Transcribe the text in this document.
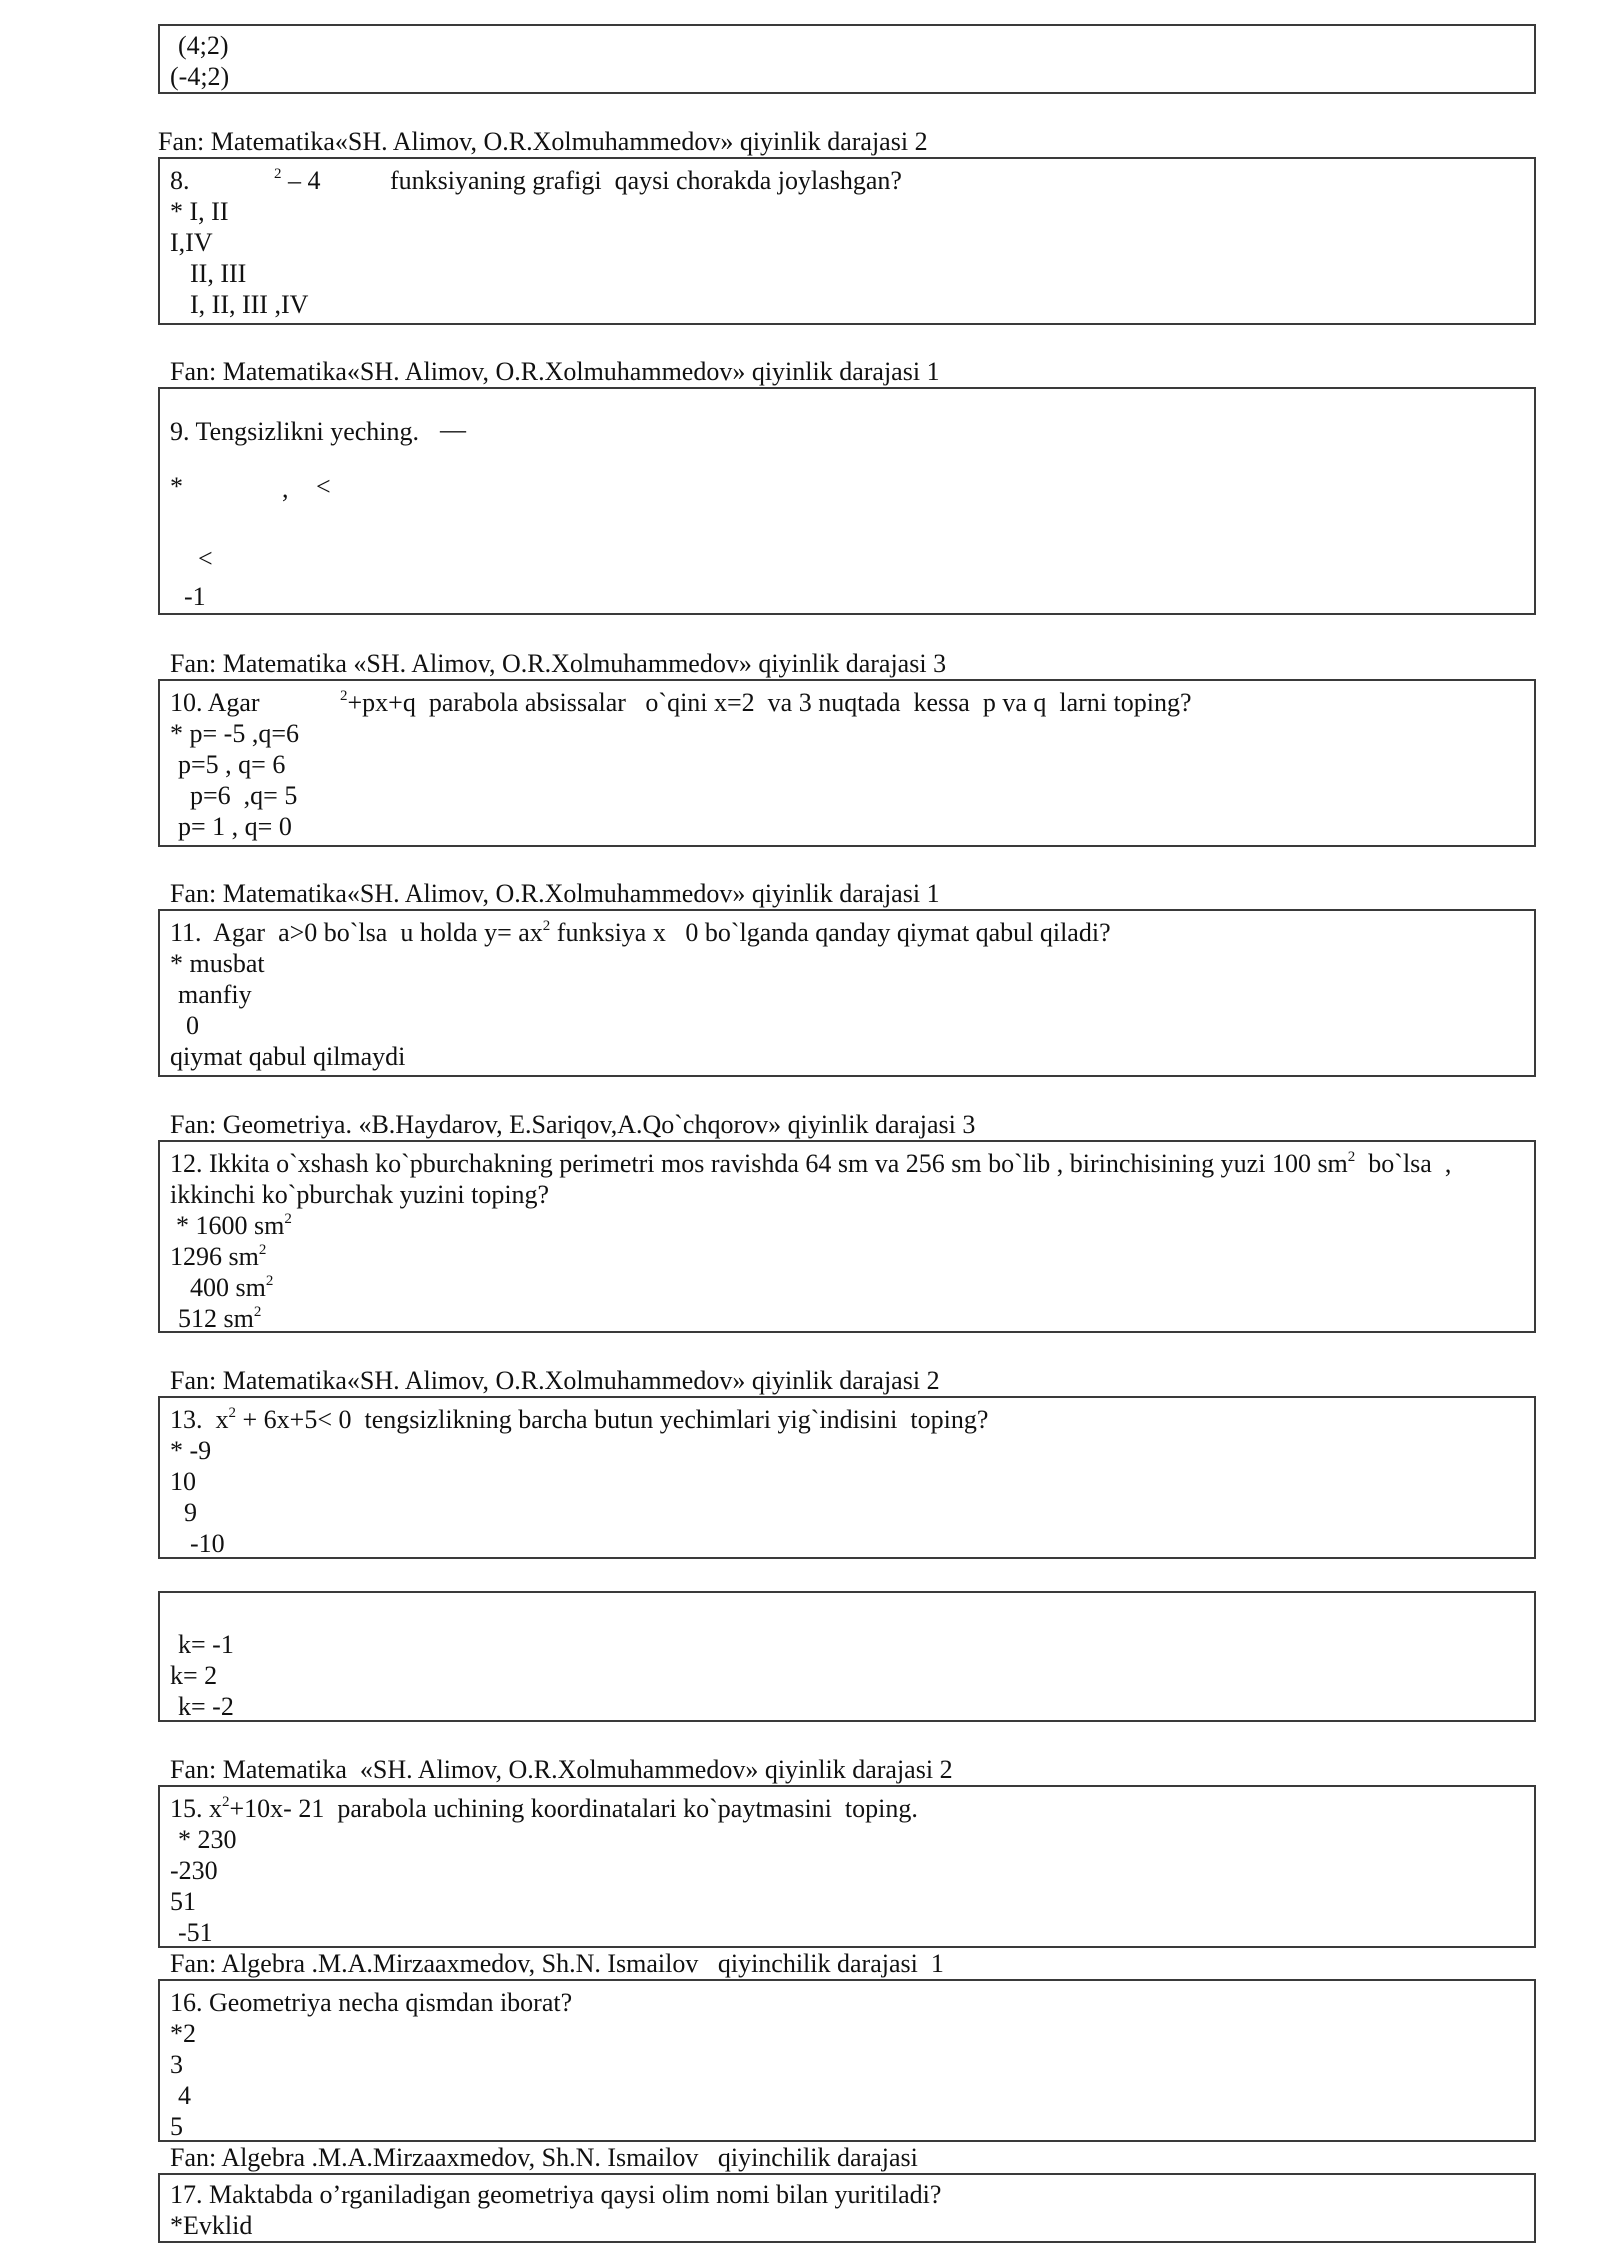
(4;2)
(-4;2)
Fan: Matematika«SH. Alimov, O.R.Xolmuhammedov» qiyinlik darajasi 2
8.	$^2$ – 4	funksiyaning grafigi  qaysi chorakda joylashgan?
* I, II
I,IV
II, III
I, II, III ,IV
Fan: Matematika«SH. Alimov, O.R.Xolmuhammedov» qiyinlik darajasi 1
9. Tengsizlikni yeching. —
*	, <
<
-1
Fan: Matematika «SH. Alimov, O.R.Xolmuhammedov» qiyinlik darajasi 3
10. Agar	$^2$+px+q  parabola absissalar   o`qini x=2  va 3 nuqtada  kessa  p va q  larni toping?
* p= -5 ,q=6
p=5 , q= 6
p=6  ,q= 5
p= 1 , q= 0
Fan: Matematika«SH. Alimov, O.R.Xolmuhammedov» qiyinlik darajasi 1
11.  Agar  a>0 bo`lsa  u holda $y= ax^2$ funksiya x   0 bo`lganda qanday qiymat qabul qiladi?
* musbat
manfiy
0
qiymat qabul qilmaydi
Fan: Geometriya. «B.Haydarov, E.Sariqov,A.Qo`chqorov» qiyinlik darajasi 3
12. Ikkita o`xshash ko`pburchakning perimetri mos ravishda 64 sm va 256 sm bo`lib , birinchisining yuzi 100 $sm^2$  bo`lsa  ,
ikkinchi ko`pburchak yuzini toping?
* 1600 $sm^2$
1296 $sm^2$
400 $sm^2$
512 $sm^2$
Fan: Matematika«SH. Alimov, O.R.Xolmuhammedov» qiyinlik darajasi 2
13.  $x^2 + 6x+5< 0$  tengsizlikning barcha butun yechimlari yig`indisini  toping?
* -9
10
9
-10
k= -1
k= 2
k= -2
Fan: Matematika  «SH. Alimov, O.R.Xolmuhammedov» qiyinlik darajasi 2
15. $x^2+10x-$ 21  parabola uchining koordinatalari ko`paytmasini  toping.
* 230
-230
51
-51
Fan: Algebra .M.A.Mirzaaxmedov, Sh.N. Ismailov   qiyinchilik darajasi  1
16. Geometriya necha qismdan iborat?
*2
3
4
5
Fan: Algebra .M.A.Mirzaaxmedov, Sh.N. Ismailov   qiyinchilik darajasi
17. Maktabda o’rganiladigan geometriya qaysi olim nomi bilan yuritiladi?
*Evklid
